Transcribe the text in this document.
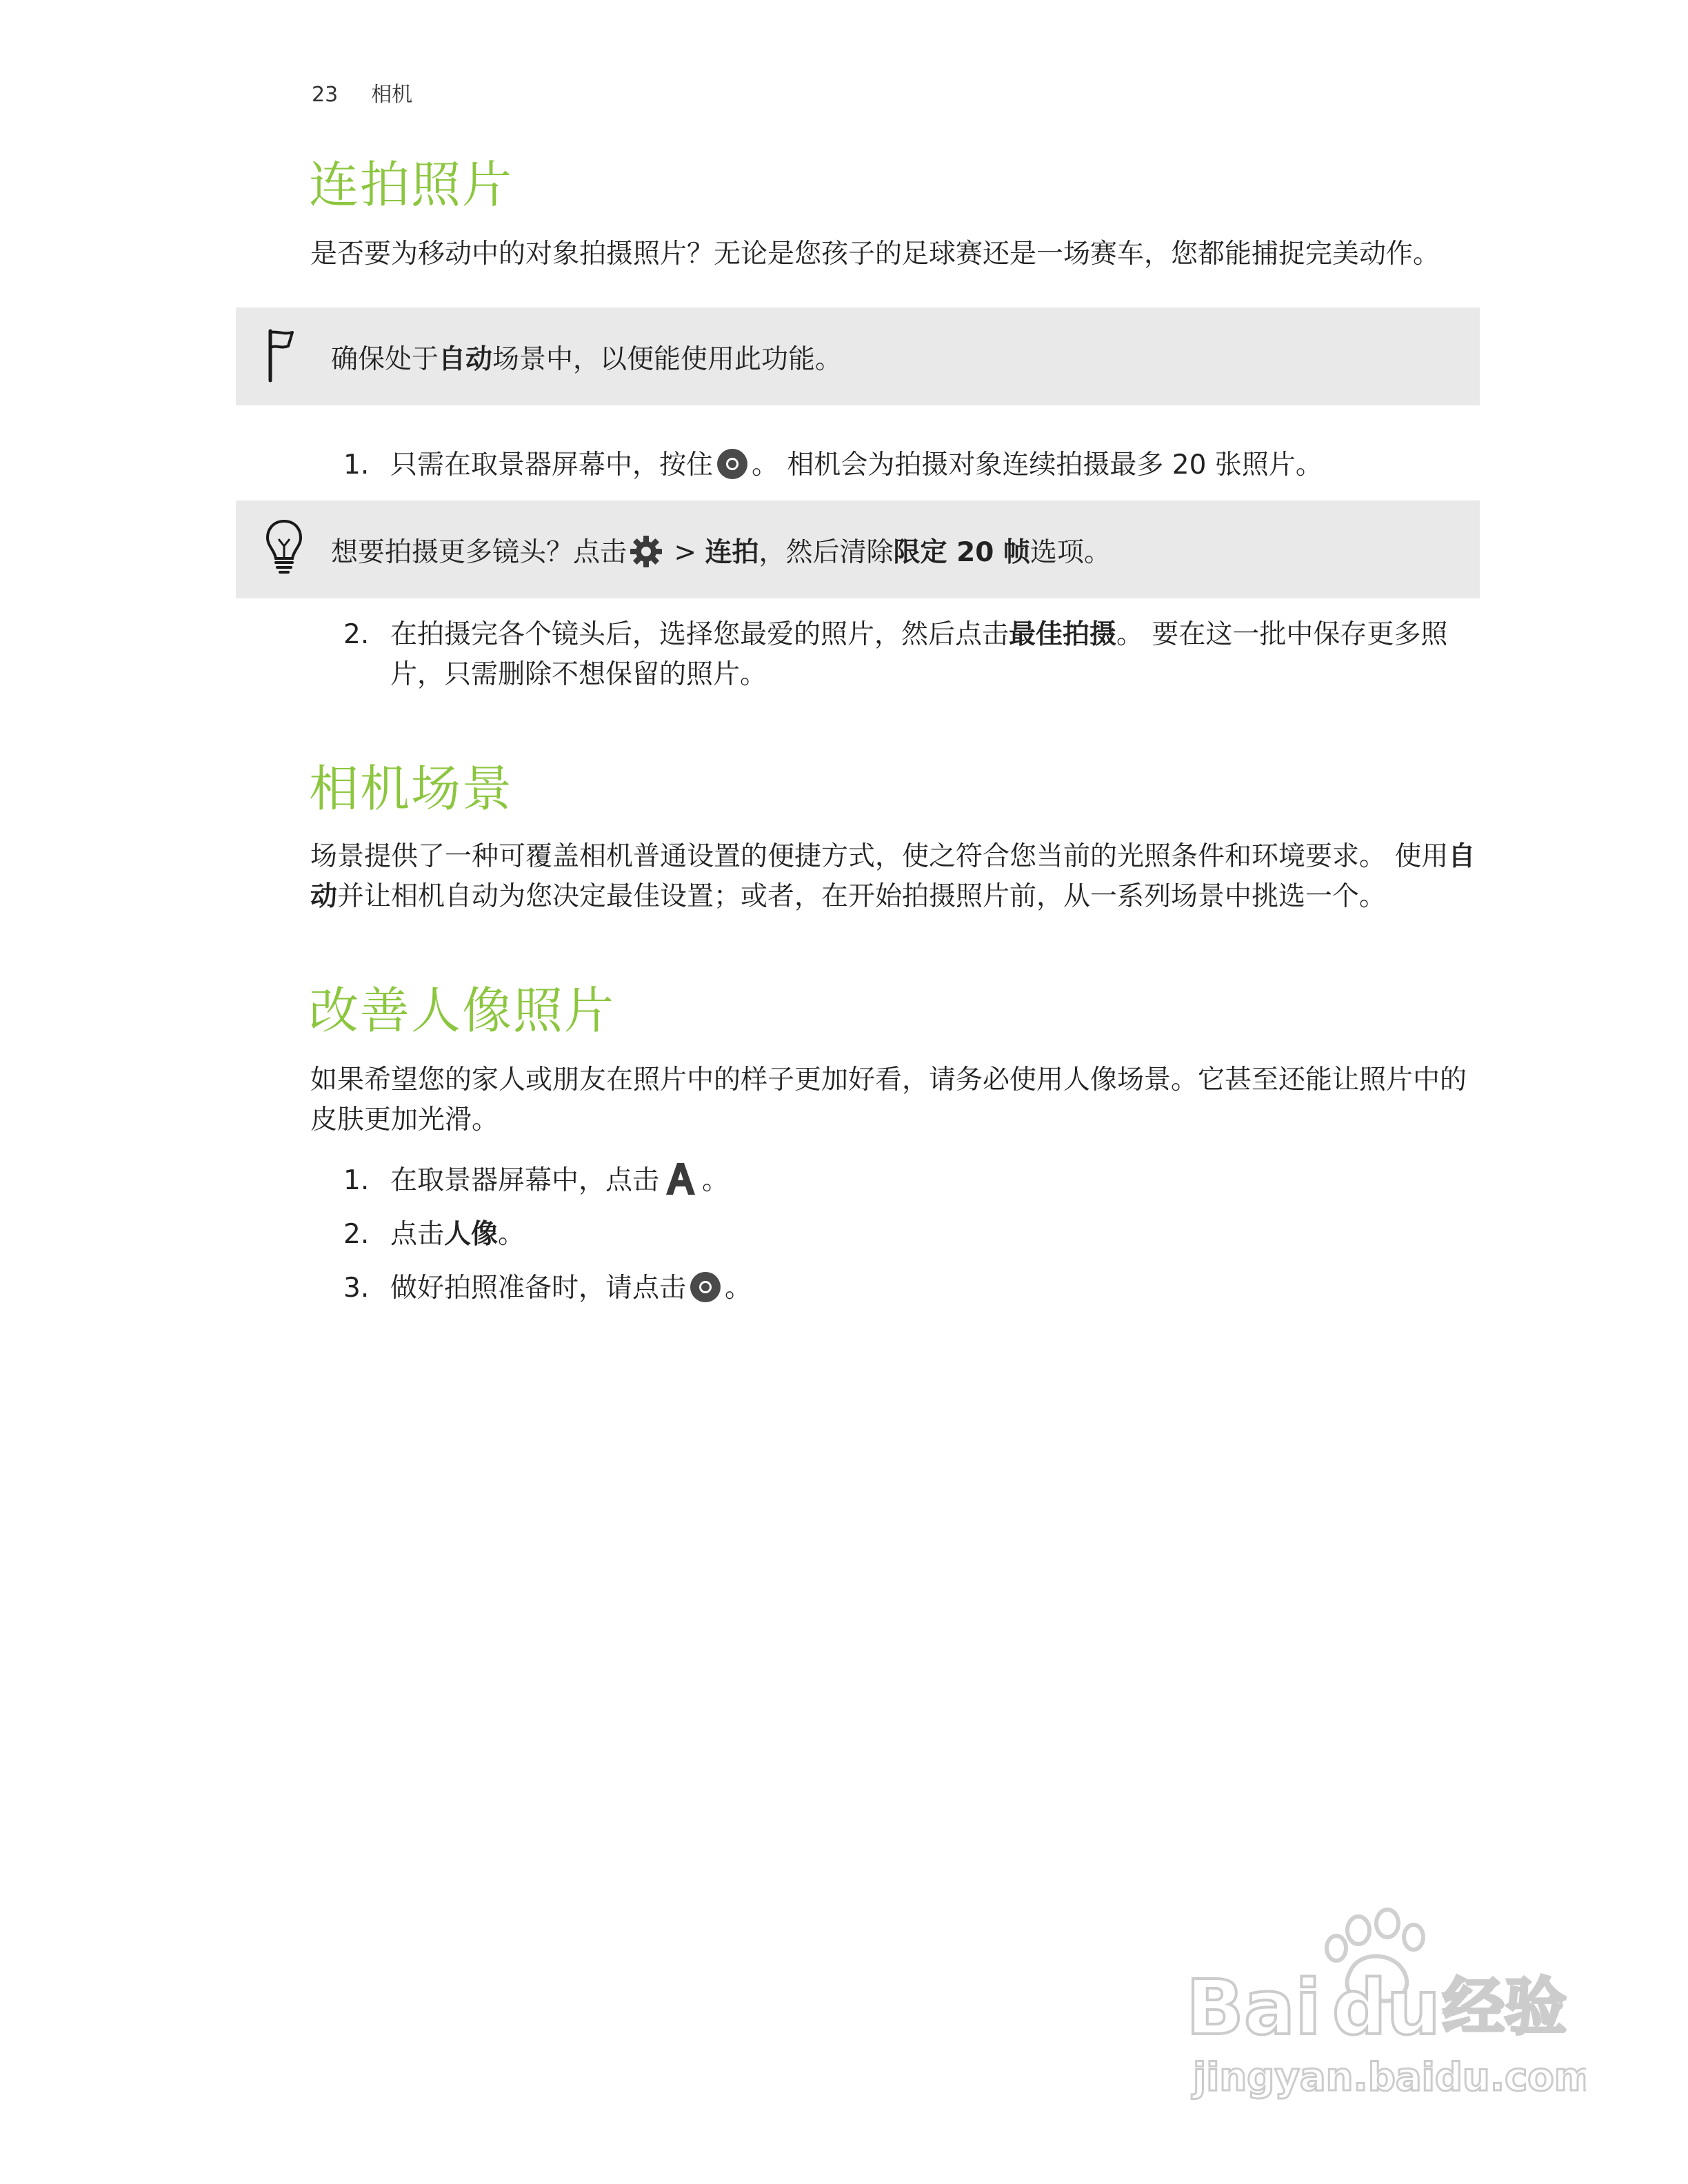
23 相机
连拍照片

是否要为移动中的对象拍摄照片？无论是您孩子的足球赛还是一场赛车，您都能捕捉完美动作。

确保处于自动场景中，以便能使用此功能。
1. 只需在取景器屏幕中，按住 。 相机会为拍摄对象连续拍摄最多 20 张照片。
想要拍摄更多镜头？点击 > 连拍，然后清除限定 20 帧选项。
2. 在拍摄完各个镜头后，选择您最爱的照片，然后点击最佳拍摄。 要在这一批中保存更多照片，只需删除不想保留的照片。
相机场景

场景提供了一种可覆盖相机普通设置的便捷方式，使之符合您当前的光照条件和环境要求。 使用自动并让相机自动为您决定最佳设置；或者，在开始拍摄照片前，从一系列场景中挑选一个。

改善人像照片

如果希望您的家人或朋友在照片中的样子更加好看，请务必使用人像场景。它甚至还能让照片中的皮肤更加光滑。

1. 在取景器屏幕中，点击 。
2. 点击人像。
3. 做好拍照准备时，请点击 。
Bai du 经验
jingyan.baidu.com
